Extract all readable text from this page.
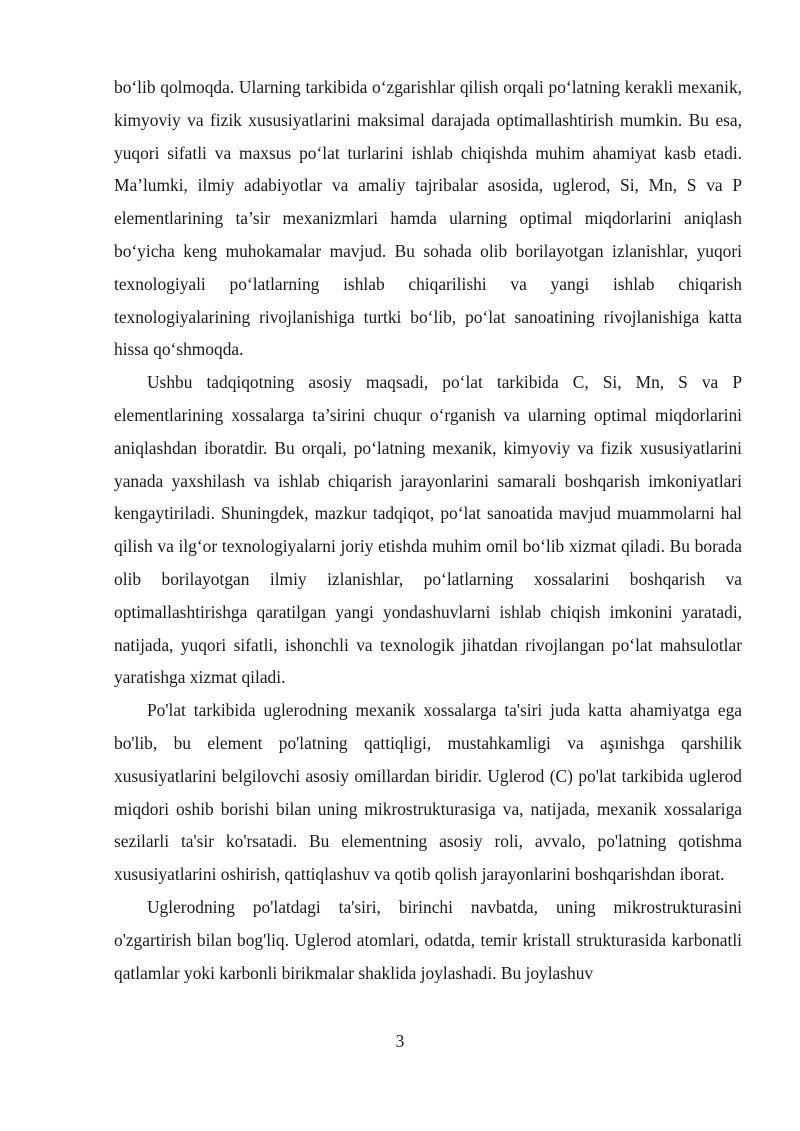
bo‘lib qolmoqda. Ularning tarkibida o‘zgarishlar qilish orqali po‘latning kerakli mexanik, kimyoviy va fizik xususiyatlarini maksimal darajada optimallashtirish mumkin. Bu esa, yuqori sifatli va maxsus po‘lat turlarini ishlab chiqishda muhim ahamiyat kasb etadi. Ma’lumki, ilmiy adabiyotlar va amaliy tajribalar asosida, uglerod, Si, Mn, S va P elementlarining ta’sir mexanizmlari hamda ularning optimal miqdorlarini aniqlash bo‘yicha keng muhokamalar mavjud. Bu sohada olib borilayotgan izlanishlar, yuqori texnologiyali po‘latlarning ishlab chiqarilishi va yangi ishlab chiqarish texnologiyalarining rivojlanishiga turtki bo‘lib, po‘lat sanoatining rivojlanishiga katta hissa qo‘shmoqda.

Ushbu tadqiqotning asosiy maqsadi, po‘lat tarkibida C, Si, Mn, S va P elementlarining xossalarga ta’sirini chuqur o‘rganish va ularning optimal miqdorlarini aniqlashdan iboratdir. Bu orqali, po‘latning mexanik, kimyoviy va fizik xususiyatlarini yanada yaxshilash va ishlab chiqarish jarayonlarini samarali boshqarish imkoniyatlari kengaytiriladi. Shuningdek, mazkur tadqiqot, po‘lat sanoatida mavjud muammolarni hal qilish va ilg‘or texnologiyalarni joriy etishda muhim omil bo‘lib xizmat qiladi. Bu borada olib borilayotgan ilmiy izlanishlar, po‘latlarning xossalarini boshqarish va optimallashtirishga qaratilgan yangi yondashuvlarni ishlab chiqish imkonini yaratadi, natijada, yuqori sifatli, ishonchli va texnologik jihatdan rivojlangan po‘lat mahsulotlar yaratishga xizmat qiladi.

Po'lat tarkibida uglerodning mexanik xossalarga ta'siri juda katta ahamiyatga ega bo'lib, bu element po'latning qattiqligi, mustahkamligi va aşınishga qarshilik xususiyatlarini belgilovchi asosiy omillardan biridir. Uglerod (C) po'lat tarkibida uglerod miqdori oshib borishi bilan uning mikrostrukturasiga va, natijada, mexanik xossalariga sezilarli ta'sir ko'rsatadi. Bu elementning asosiy roli, avvalo, po'latning qotishma xususiyatlarini oshirish, qattiqlashuv va qotib qolish jarayonlarini boshqarishdan iborat.

Uglerodning po'latdagi ta'siri, birinchi navbatda, uning mikrostrukturasini o'zgartirish bilan bog'liq. Uglerod atomlari, odatda, temir kristall strukturasida karbonatli qatlamlar yoki karbonli birikmalar shaklida joylashadi. Bu joylashuv

3
